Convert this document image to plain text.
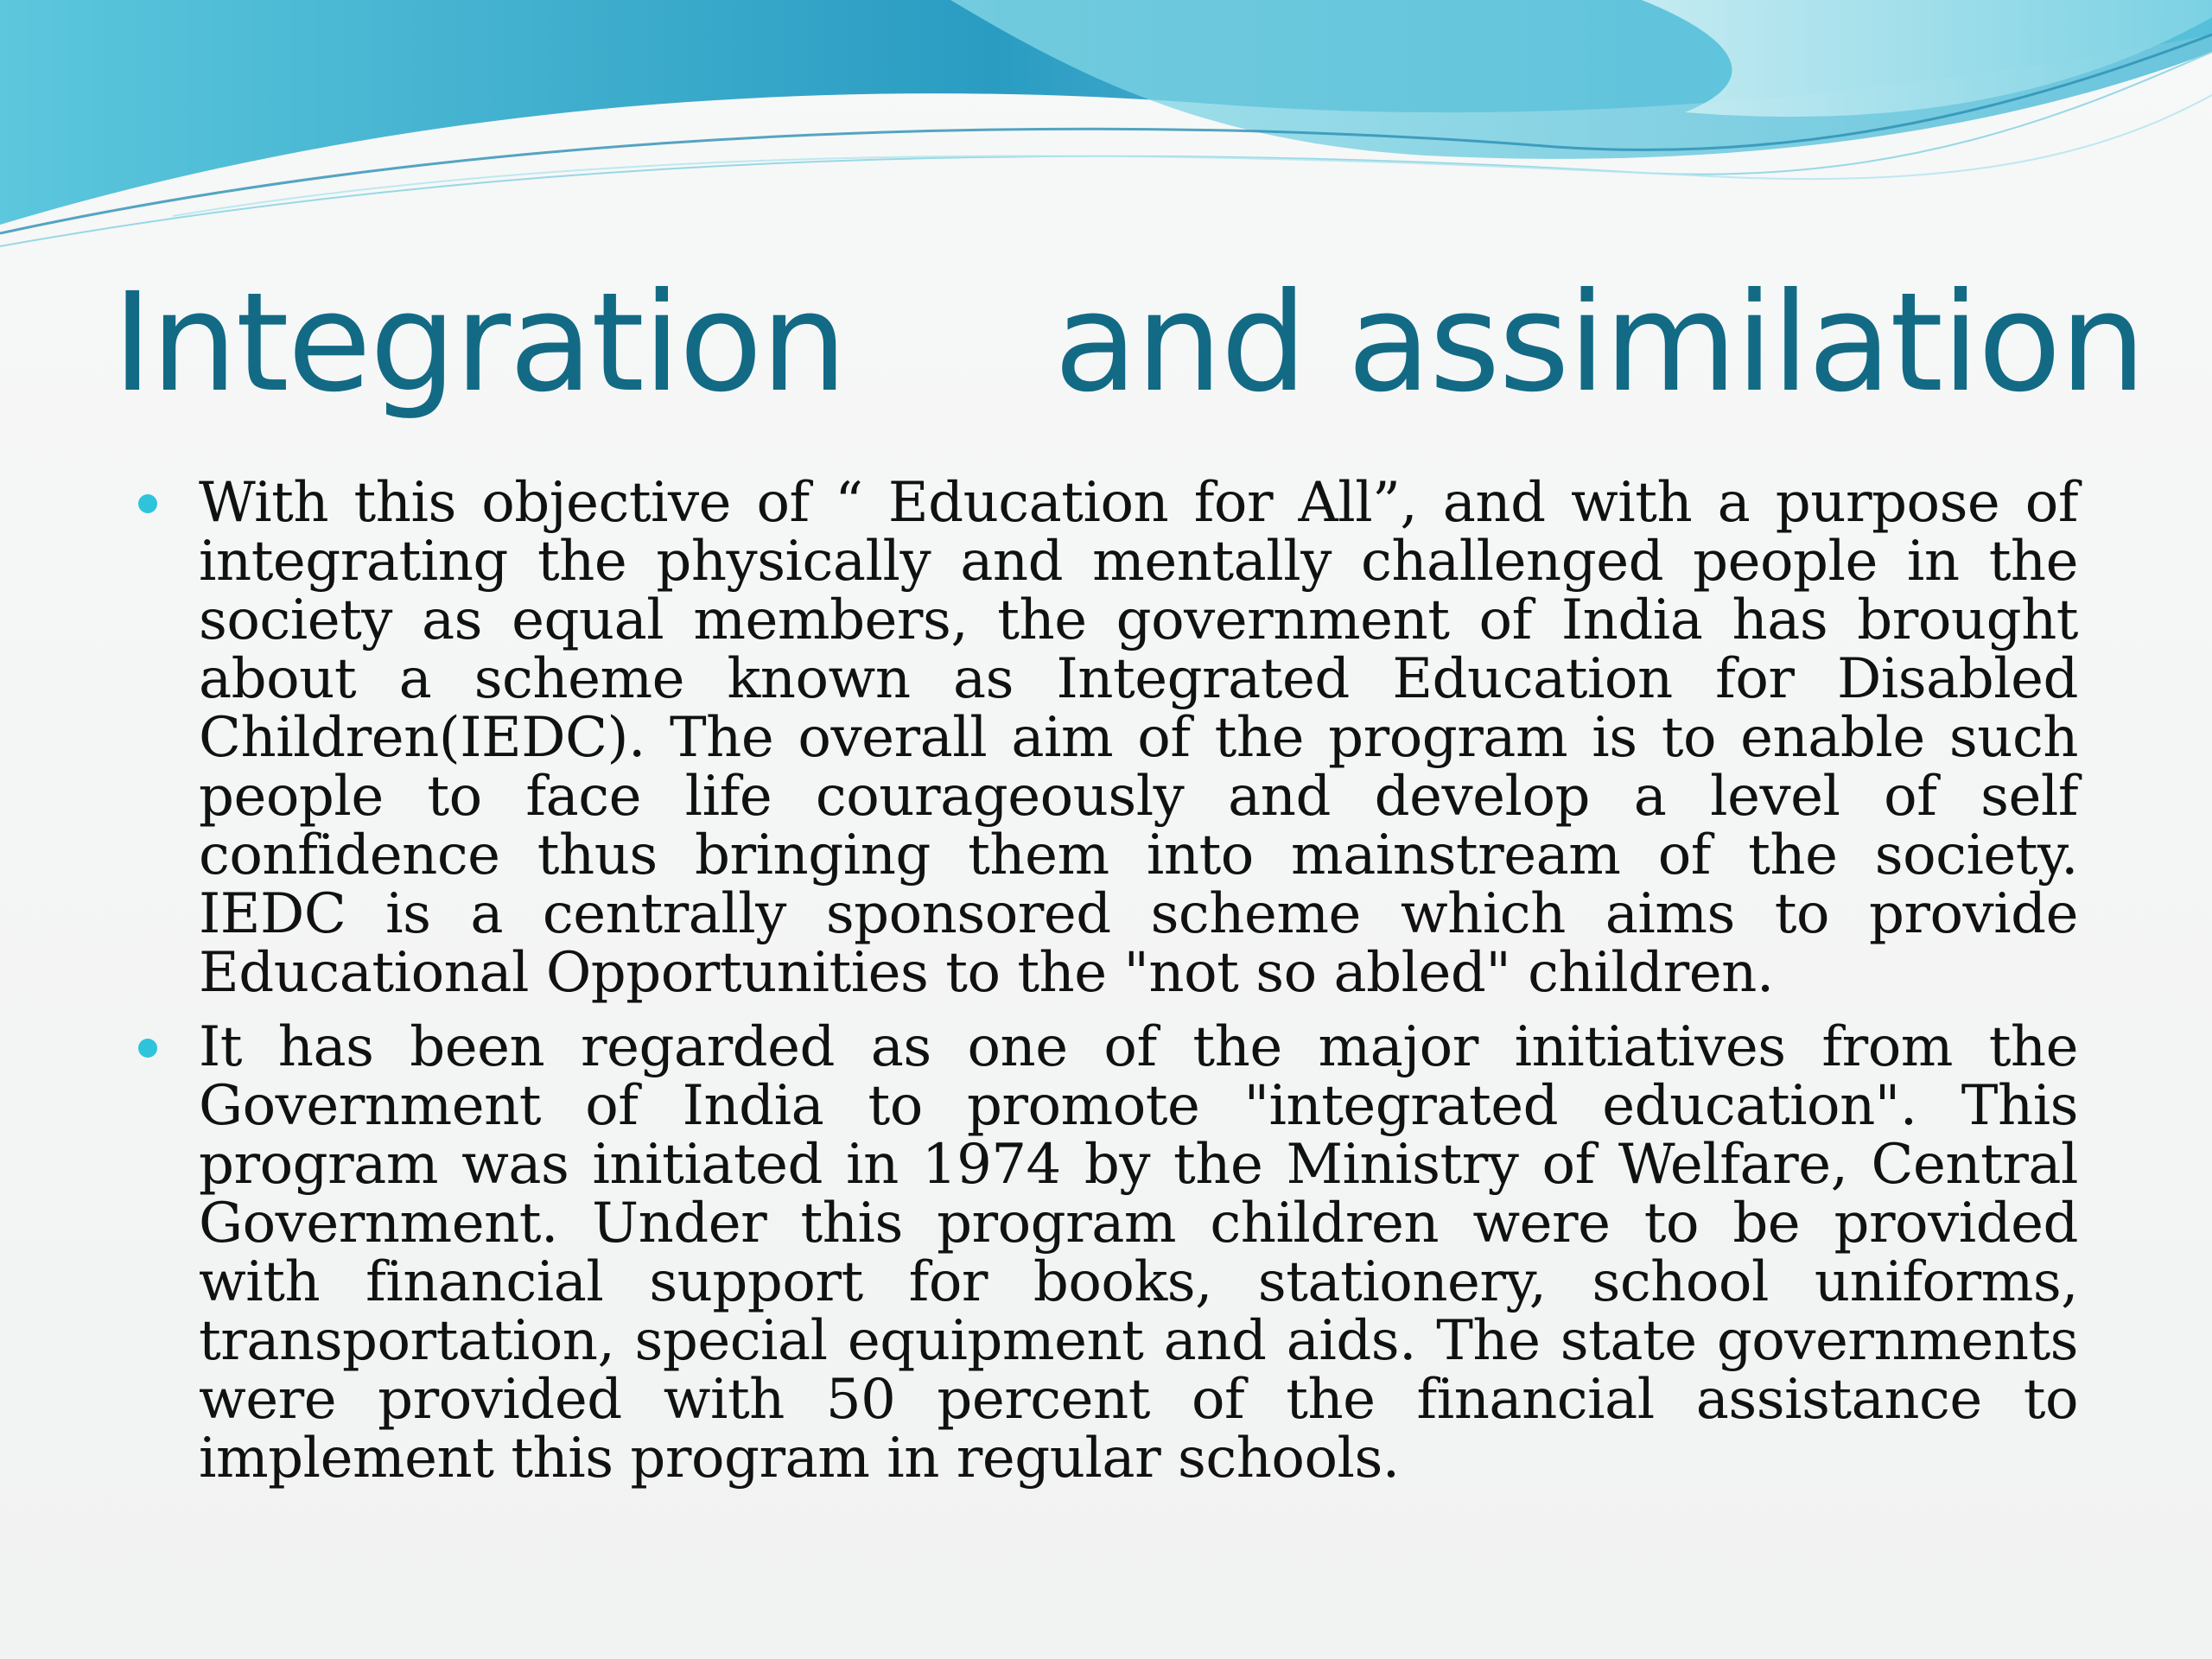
Integration     and assimilation
With this objective of “ Education for All”, and with a purpose of integrating the physically and mentally challenged people in the society as equal members, the government of India has brought about a scheme known as Integrated Education for Disabled Children(IEDC). The overall aim of the program is to enable such people to face life courageously and develop a level of self confidence thus bringing them into mainstream of the society. IEDC is a centrally sponsored scheme which aims to provide Educational Opportunities to the "not so abled" children.
It has been regarded as one of the major initiatives from the Government of India to promote "integrated education". This program was initiated in 1974 by the Ministry of Welfare, Central Government. Under this program children were to be provided with financial support for books, stationery, school uniforms, transportation, special equipment and aids. The state governments were provided with 50 percent of the financial assistance to implement this program in regular schools.
